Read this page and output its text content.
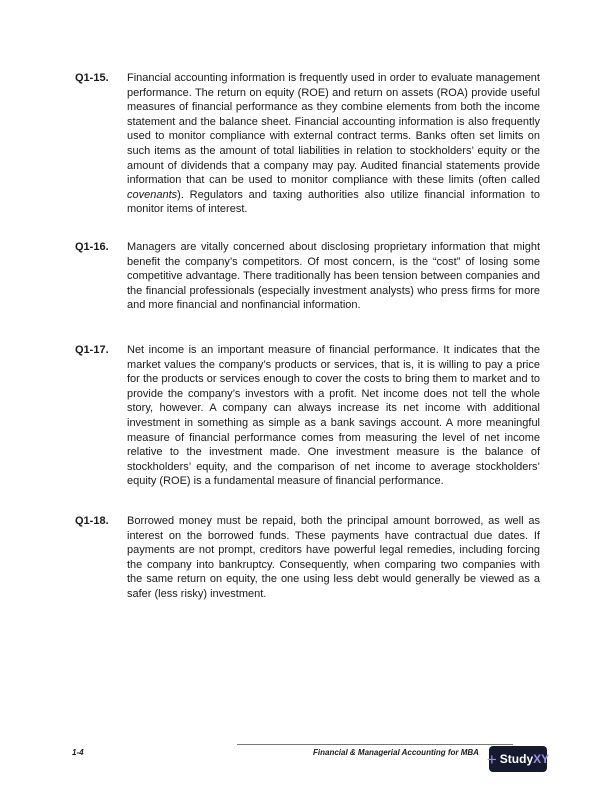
Q1-15. Financial accounting information is frequently used in order to evaluate management
performance. The return on equity (ROE) and return on assets (ROA) provide useful
measures of financial performance as they combine elements from both the income
statement and the balance sheet. Financial accounting information is also frequently
used to monitor compliance with external contract terms. Banks often set limits on
such items as the amount of total liabilities in relation to stockholders’ equity or the
amount of dividends that a company may pay. Audited financial statements provide
information that can be used to monitor compliance with these limits (often called
covenants). Regulators and taxing authorities also utilize financial information to
monitor items of interest.
Q1-16. Managers are vitally concerned about disclosing proprietary information that might
benefit the company’s competitors. Of most concern, is the “cost” of losing some
competitive advantage. There traditionally has been tension between companies and
the financial professionals (especially investment analysts) who press firms for more
and more financial and nonfinancial information.
Q1-17. Net income is an important measure of financial performance. It indicates that the
market values the company’s products or services, that is, it is willing to pay a price
for the products or services enough to cover the costs to bring them to market and to
provide the company’s investors with a profit. Net income does not tell the whole
story, however. A company can always increase its net income with additional
investment in something as simple as a bank savings account. A more meaningful
measure of financial performance comes from measuring the level of net income
relative to the investment made. One investment measure is the balance of
stockholders’ equity, and the comparison of net income to average stockholders’
equity (ROE) is a fundamental measure of financial performance.
Q1-18. Borrowed money must be repaid, both the principal amount borrowed, as well as
interest on the borrowed funds. These payments have contractual due dates. If
payments are not prompt, creditors have powerful legal remedies, including forcing
the company into bankruptcy. Consequently, when comparing two companies with
the same return on equity, the one using less debt would generally be viewed as a
safer (less risky) investment.
1-4	Financial & Managerial Accounting for MBA + Study XY
